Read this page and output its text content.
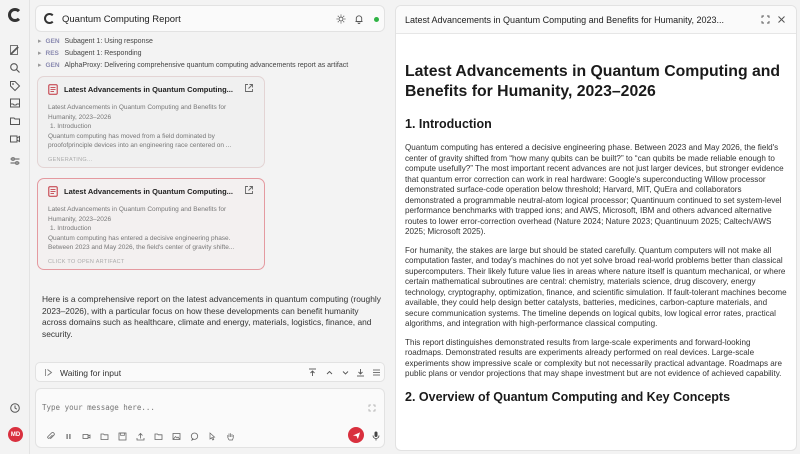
MD
Quantum Computing Report
▸ GEN Subagent 1: Using response
▸ RES Subagent 1: Responding
▸ GEN AlphaProxy: Delivering comprehensive quantum computing advancements report as artifact
Latest Advancements in Quantum Computing...
Latest Advancements in Quantum Computing and Benefits for
Humanity, 2023–2026
1. Introduction
Quantum computing has moved from a field dominated by
proofofprinciple devices into an engineering race centered on ...
GENERATING...
Latest Advancements in Quantum Computing...
Latest Advancements in Quantum Computing and Benefits for
Humanity, 2023–2026
1. Introduction
Quantum computing has entered a decisive engineering phase.
Between 2023 and May 2026, the field's center of gravity shifte...
CLICK TO OPEN ARTIFACT
Here is a comprehensive report on the latest advancements in quantum computing (roughly 2023–2026), with a particular focus on how these developments can benefit humanity across domains such as healthcare, climate and energy, materials, logistics, finance, and security.
Waiting for input
Type your message here...
Latest Advancements in Quantum Computing and Benefits for Humanity, 2023...
Latest Advancements in Quantum Computing and Benefits for Humanity, 2023–2026
1. Introduction

Quantum computing has entered a decisive engineering phase. Between 2023 and May 2026, the field's center of gravity shifted from “how many qubits can be built?” to “can qubits be made reliable enough to compute usefully?” The most important recent advances are not just larger devices, but stronger evidence that quantum error correction can work in real hardware: Google's superconducting Willow processor demonstrated surface-code operation below threshold; Harvard, MIT, QuEra and collaborators demonstrated a programmable neutral-atom logical processor; Quantinuum continued to set system-level performance benchmarks with trapped ions; and AWS, Microsoft, IBM and others advanced alternative routes to lower error-correction overhead (Nature 2024; Nature 2023; Quantinuum 2025; Caltech/AWS 2025; Microsoft 2025).

For humanity, the stakes are large but should be stated carefully. Quantum computers will not make all computation faster, and today's machines do not yet solve broad real-world problems better than classical supercomputers. Their likely future value lies in areas where nature itself is quantum mechanical, or where certain mathematical subroutines are central: chemistry, materials science, drug discovery, energy technology, cryptography, optimization, finance, and scientific simulation. If fault-tolerant machines become available, they could help design better catalysts, batteries, medicines, carbon-capture materials, and secure communication systems. The timeline depends on logical qubits, low logical error rates, practical algorithms, and integration with high-performance classical computing.

This report distinguishes demonstrated results from large-scale experiments and forward-looking roadmaps. Demonstrated results are experiments already performed on real devices. Large-scale experiments show impressive scale or complexity but not necessarily practical advantage. Roadmaps are public plans or vendor projections that may shape investment but are not evidence of achieved capability.

2. Overview of Quantum Computing and Key Concepts
